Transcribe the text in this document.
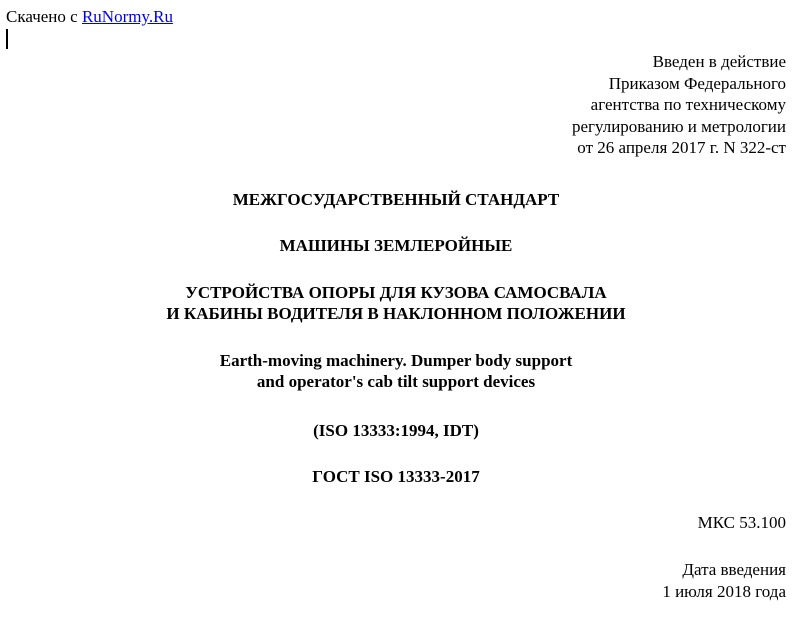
Скачено с RuNormy.Ru
Введен в действие
Приказом Федерального
агентства по техническому
регулированию и метрологии
от 26 апреля 2017 г. N 322-ст
МЕЖГОСУДАРСТВЕННЫЙ СТАНДАРТ
МАШИНЫ ЗЕМЛЕРОЙНЫЕ
УСТРОЙСТВА ОПОРЫ ДЛЯ КУЗОВА САМОСВАЛА
И КАБИНЫ ВОДИТЕЛЯ В НАКЛОННОМ ПОЛОЖЕНИИ
Earth-moving machinery. Dumper body support
and operator's cab tilt support devices
(ISO 13333:1994, IDT)
ГОСТ ISO 13333-2017
МКС 53.100
Дата введения
1 июля 2018 года
